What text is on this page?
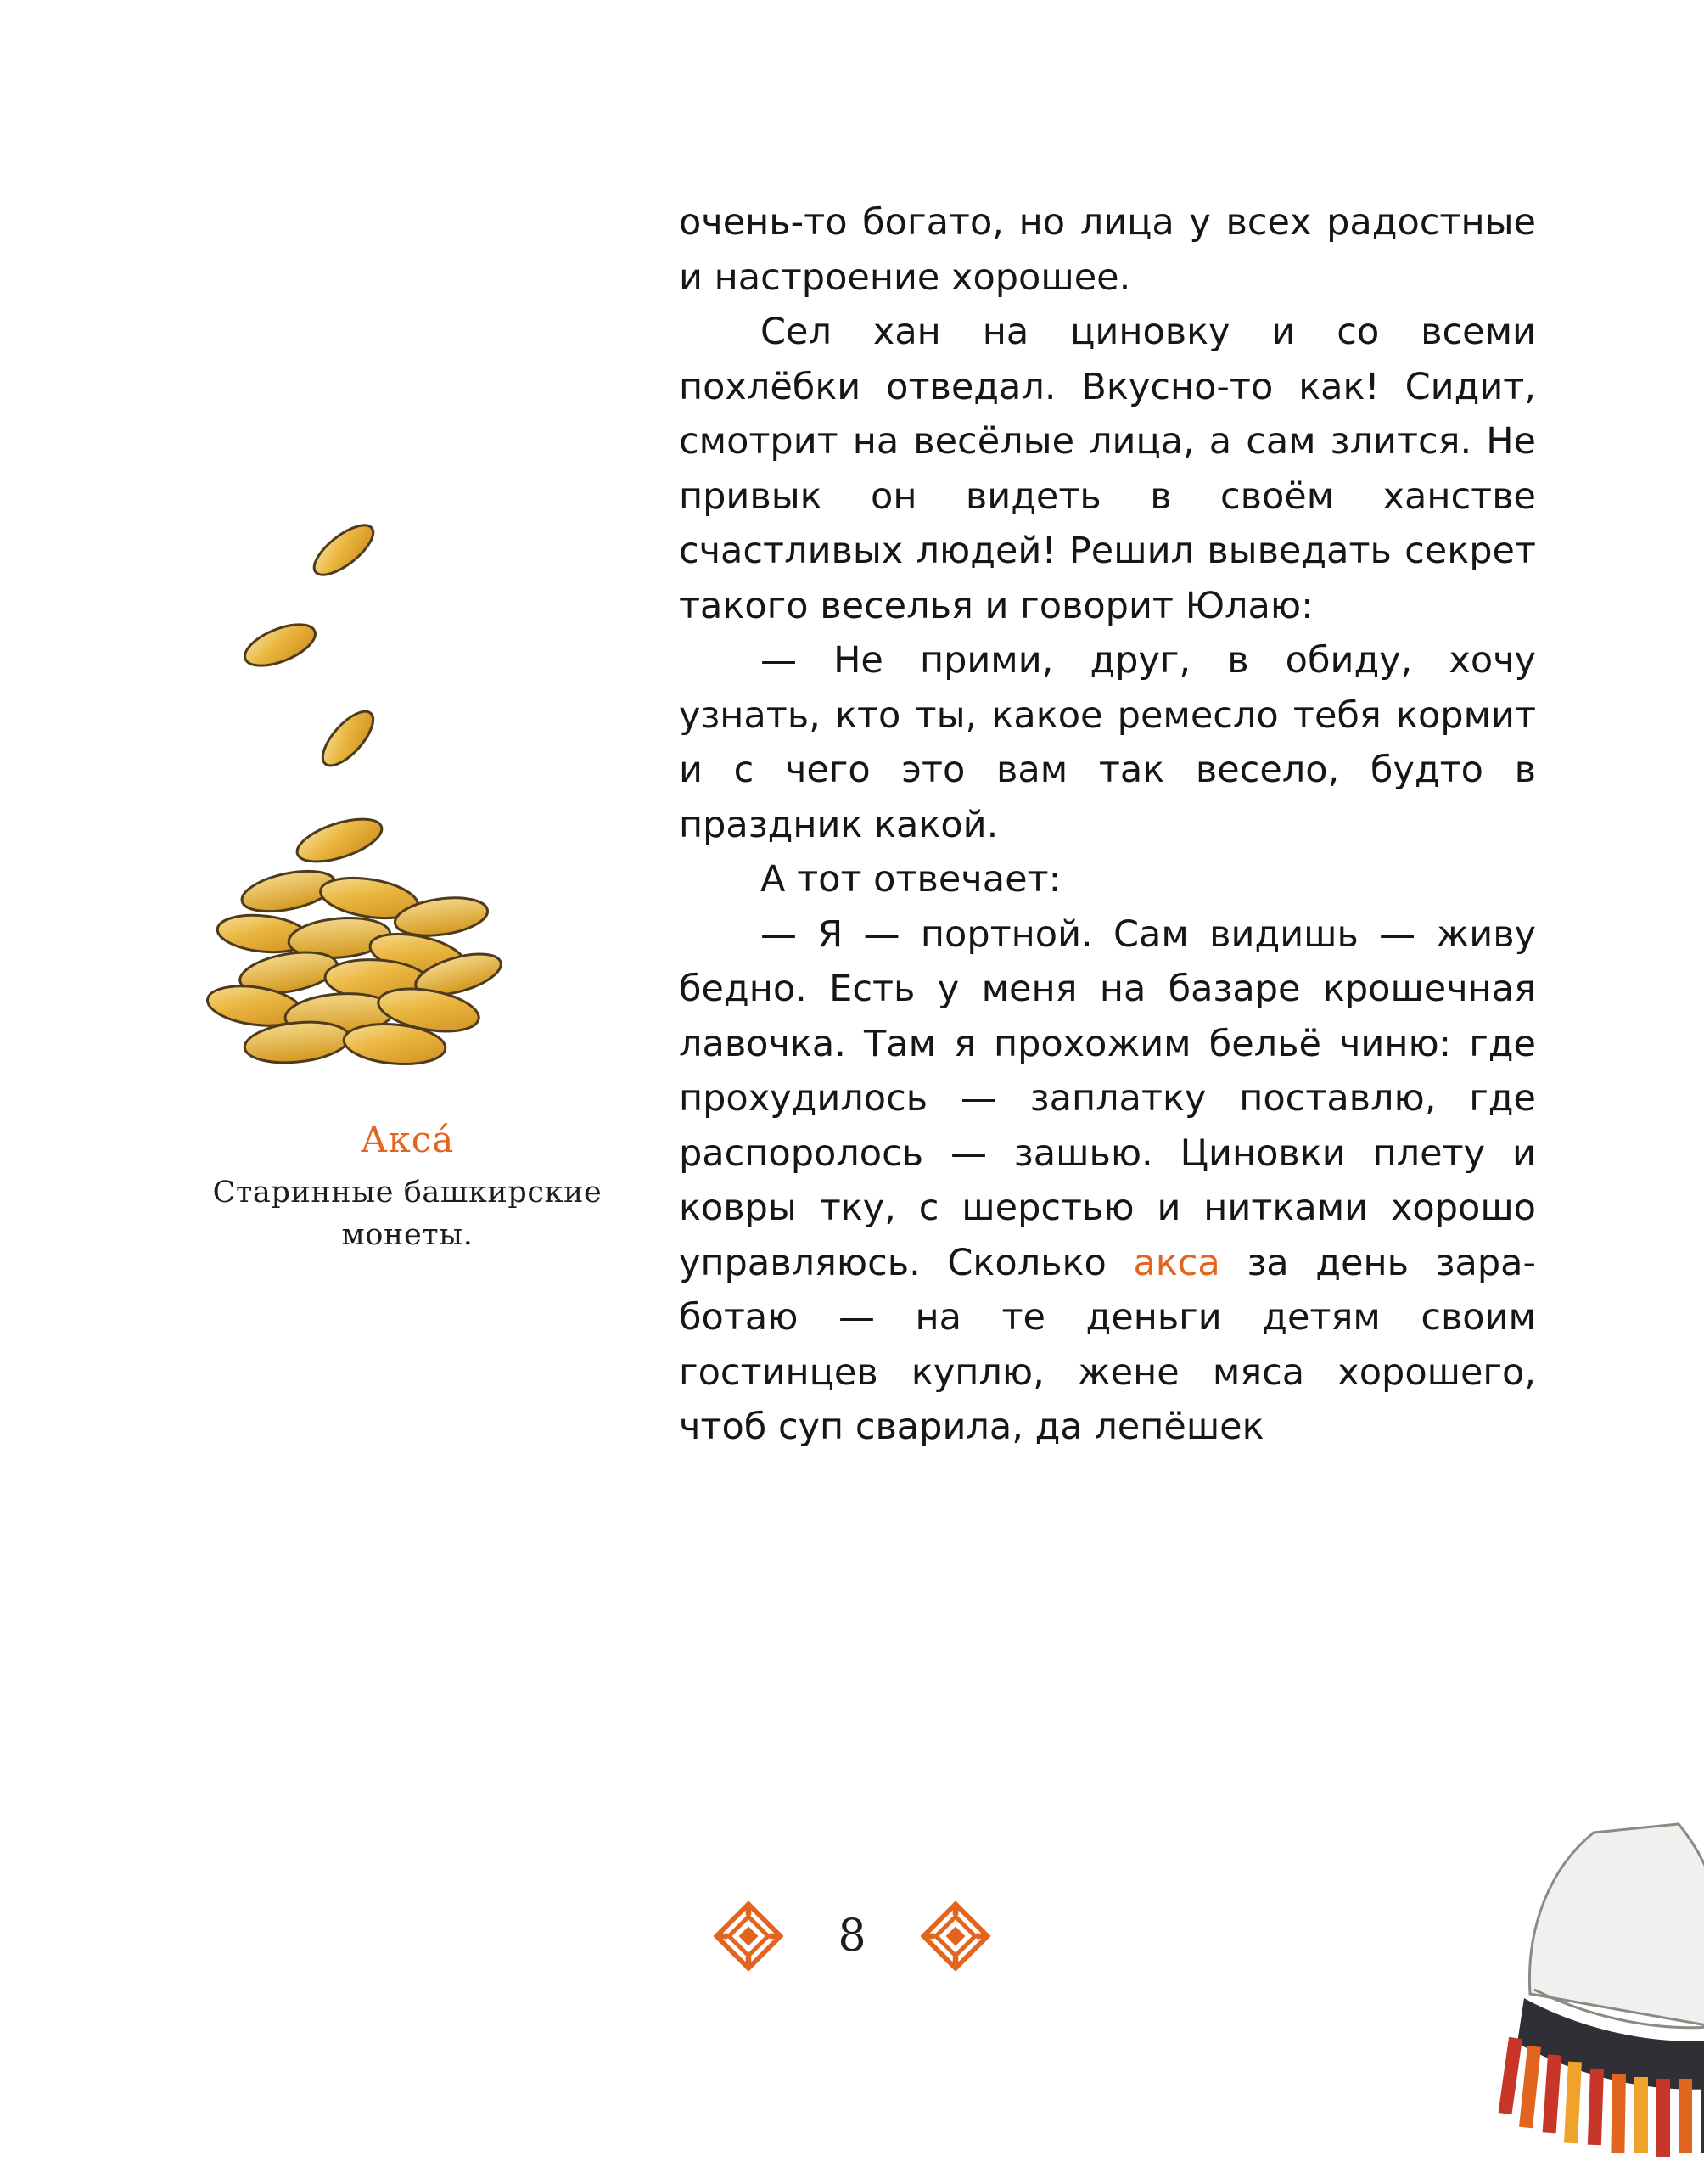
Акса́
Старинные башкирские монеты.

очень-то богато, но лица у всех радостные и настроение хорошее.

Сел хан на циновку и со всеми похлёбки отведал. Вкусно-то как! Сидит, смотрит на весёлые лица, а сам злится. Не привык он видеть в своём ханстве счастливых людей! Решил выведать секрет такого веселья и говорит Юлаю:

— Не прими, друг, в обиду, хочу узнать, кто ты, какое ремесло тебя кормит и с чего это вам так весело, будто в праздник какой.

А тот отвечает:

— Я — портной. Сам видишь — живу бедно. Есть у меня на базаре крошечная лавочка. Там я прохожим бельё чиню: где прохудилось — заплатку поставлю, где распоролось — зашью. Циновки плету и ковры тку, с шерстью и нитками хорошо управляюсь. Сколько акса за день заработаю — на те деньги детям своим гостинцев куплю, жене мяса хорошего, чтоб суп сварила, да лепёшек

8
